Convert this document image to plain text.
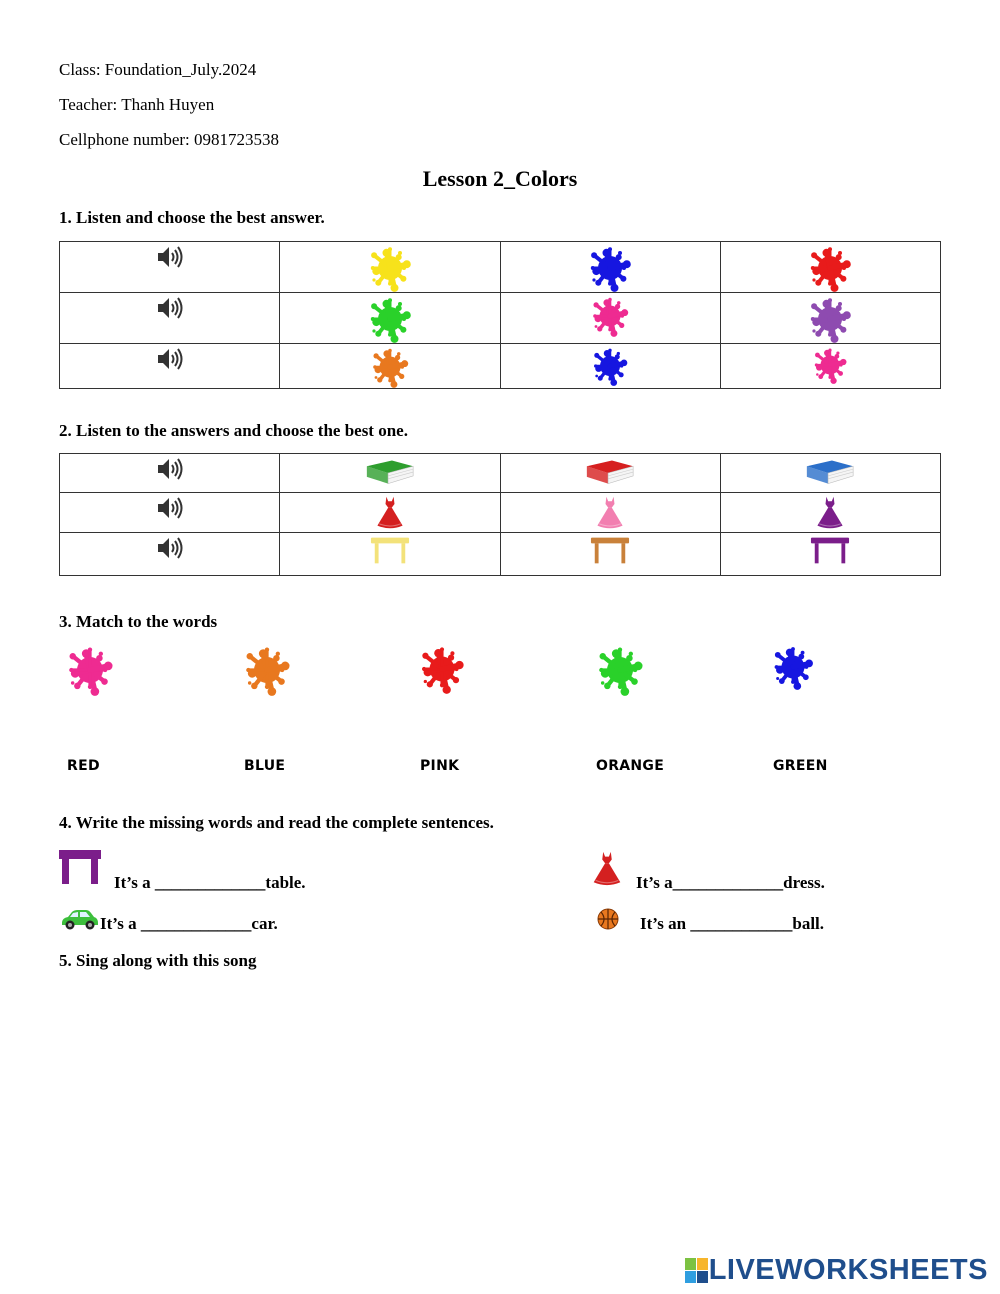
Class: Foundation_July.2024
Teacher: Thanh Huyen
Cellphone number: 0981723538
Lesson 2_Colors
1. Listen and choose the best answer.

2. Listen to the answers and choose the best one.

3. Match to the words
RED	BLUE	PINK	ORANGE	GREEN
4. Write the missing words and read the complete sentences.
It’s a _____________table.	It’s a_____________dress.
It’s a _____________car.	It’s an ____________ball.
5. Sing along with this song
LIVEWORKSHEETS
